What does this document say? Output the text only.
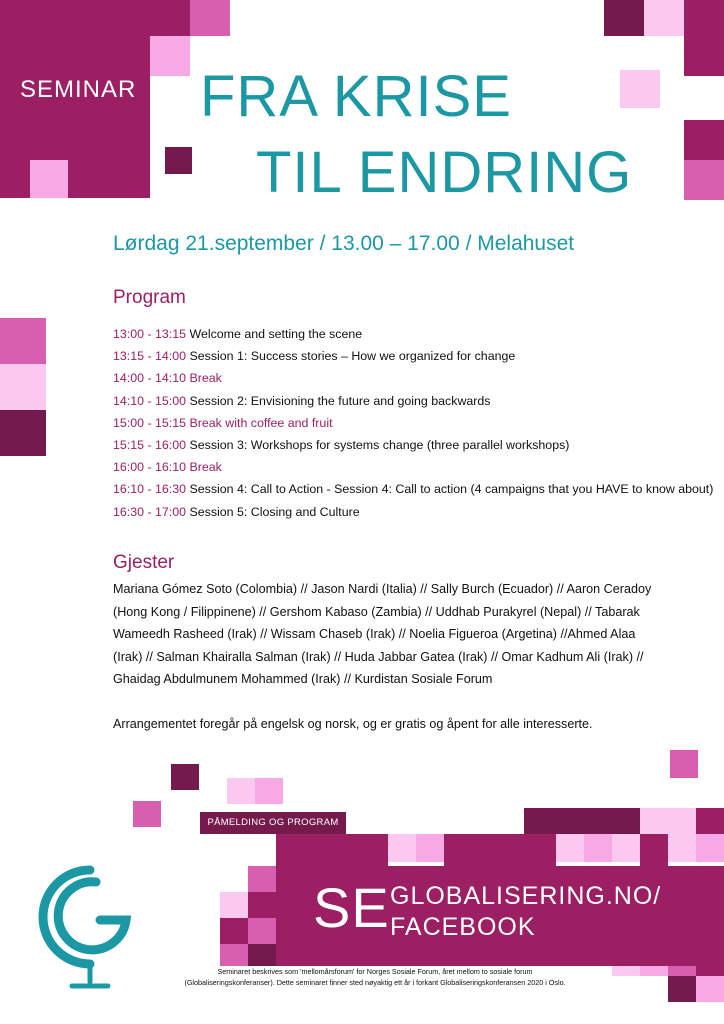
SEMINAR FRA KRISE
TIL ENDRING
Lørdag 21.september / 13.00 – 17.00 / Melahuset
Program
13:00 - 13:15 Welcome and setting the scene
13:15 - 14:00 Session 1: Success stories – How we organized for change
14:00 - 14:10 Break
14:10 - 15:00 Session 2: Envisioning the future and going backwards
15:00 - 15:15 Break with coffee and fruit
15:15 - 16:00 Session 3: Workshops for systems change (three parallel workshops)
16:00 - 16:10 Break
16:10 - 16:30 Session 4: Call to Action - Session 4: Call to action (4 campaigns that you HAVE to know about)
16:30 - 17:00 Session 5: Closing and Culture
Gjester
Mariana Gómez Soto (Colombia) // Jason Nardi (Italia) // Sally Burch (Ecuador) // Aaron Ceradoy (Hong Kong / Filippinene) // Gershom Kabaso (Zambia) // Uddhab Purakyrel (Nepal) // Tabarak Wameedh Rasheed (Irak) // Wissam Chaseb (Irak) // Noelia Figueroa (Argetina) //Ahmed Alaa (Irak) // Salman Khairalla Salman (Irak) // Huda Jabbar Gatea (Irak) // Omar Kadhum Ali (Irak) // Ghaidag Abdulmunem Mohammed (Irak) // Kurdistan Sosiale Forum
Arrangementet foregår på engelsk og norsk, og er gratis og åpent for alle interesserte.
PÅMELDING OG PROGRAM
SE GLOBALISERING.NO/
FACEBOOK
Seminaret beskrives som 'mellomårsforum' for Norges Sosiale Forum, året mellom to sosiale forum
(Globaliseringskonferanser). Dette seminaret finner sted nøyaktig ett år i forkant Globaliseringskonferansen 2020 i Oslo.
